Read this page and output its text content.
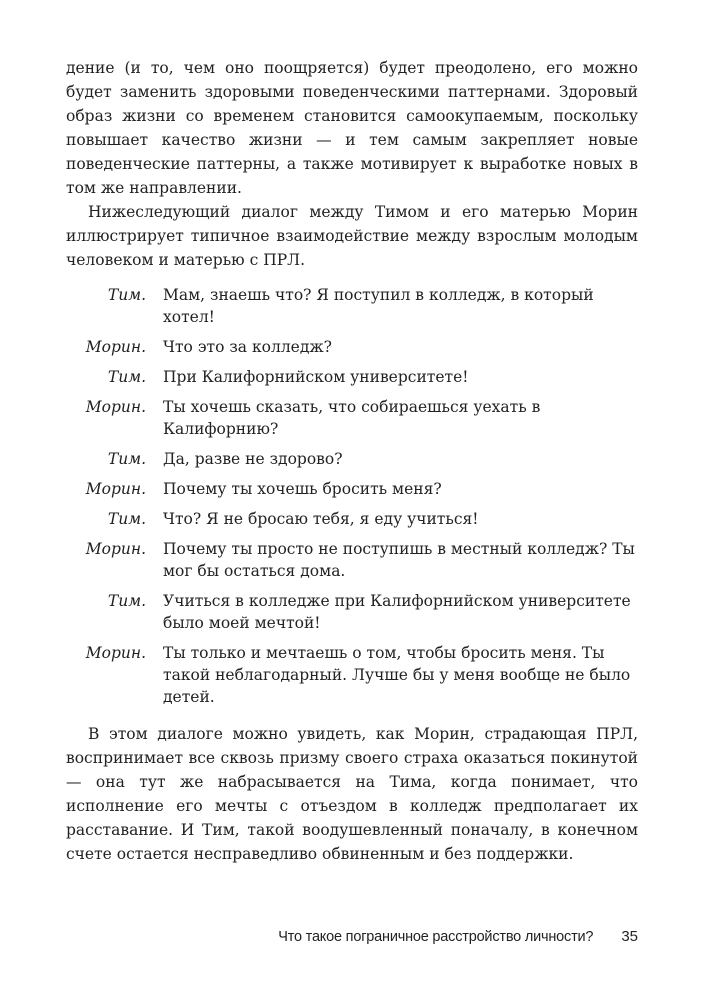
дение (и то, чем оно поощряется) будет преодолено, его можно будет заменить здоровыми поведенческими паттернами. Здоровый образ жизни со временем становится самоокупаемым, поскольку повышает качество жизни — и тем самым закрепляет новые поведенческие паттерны, а также мотивирует к выработке новых в том же направлении.

Нижеследующий диалог между Тимом и его матерью Морин иллюстрирует типичное взаимодействие между взрослым молодым человеком и матерью с ПРЛ.

Тим.	Мам, знаешь что? Я поступил в колледж, в который хотел!
Морин.	Что это за колледж?
Тим.	При Калифорнийском университете!
Морин.	Ты хочешь сказать, что собираешься уехать в Калифорнию?
Тим.	Да, разве не здорово?
Морин.	Почему ты хочешь бросить меня?
Тим.	Что? Я не бросаю тебя, я еду учиться!
Морин.	Почему ты просто не поступишь в местный колледж? Ты мог бы остаться дома.
Тим.	Учиться в колледже при Калифорнийском университете было моей мечтой!
Морин.	Ты только и мечтаешь о том, чтобы бросить меня. Ты такой неблагодарный. Лучше бы у меня вообще не было детей.

В этом диалоге можно увидеть, как Морин, страдающая ПРЛ, воспринимает все сквозь призму своего страха оказаться покинутой — она тут же набрасывается на Тима, когда понимает, что исполнение его мечты с отъездом в колледж предполагает их расставание. И Тим, такой воодушевленный поначалу, в конечном счете остается несправедливо обвиненным и без поддержки.

Что такое пограничное расстройство личности? 35
